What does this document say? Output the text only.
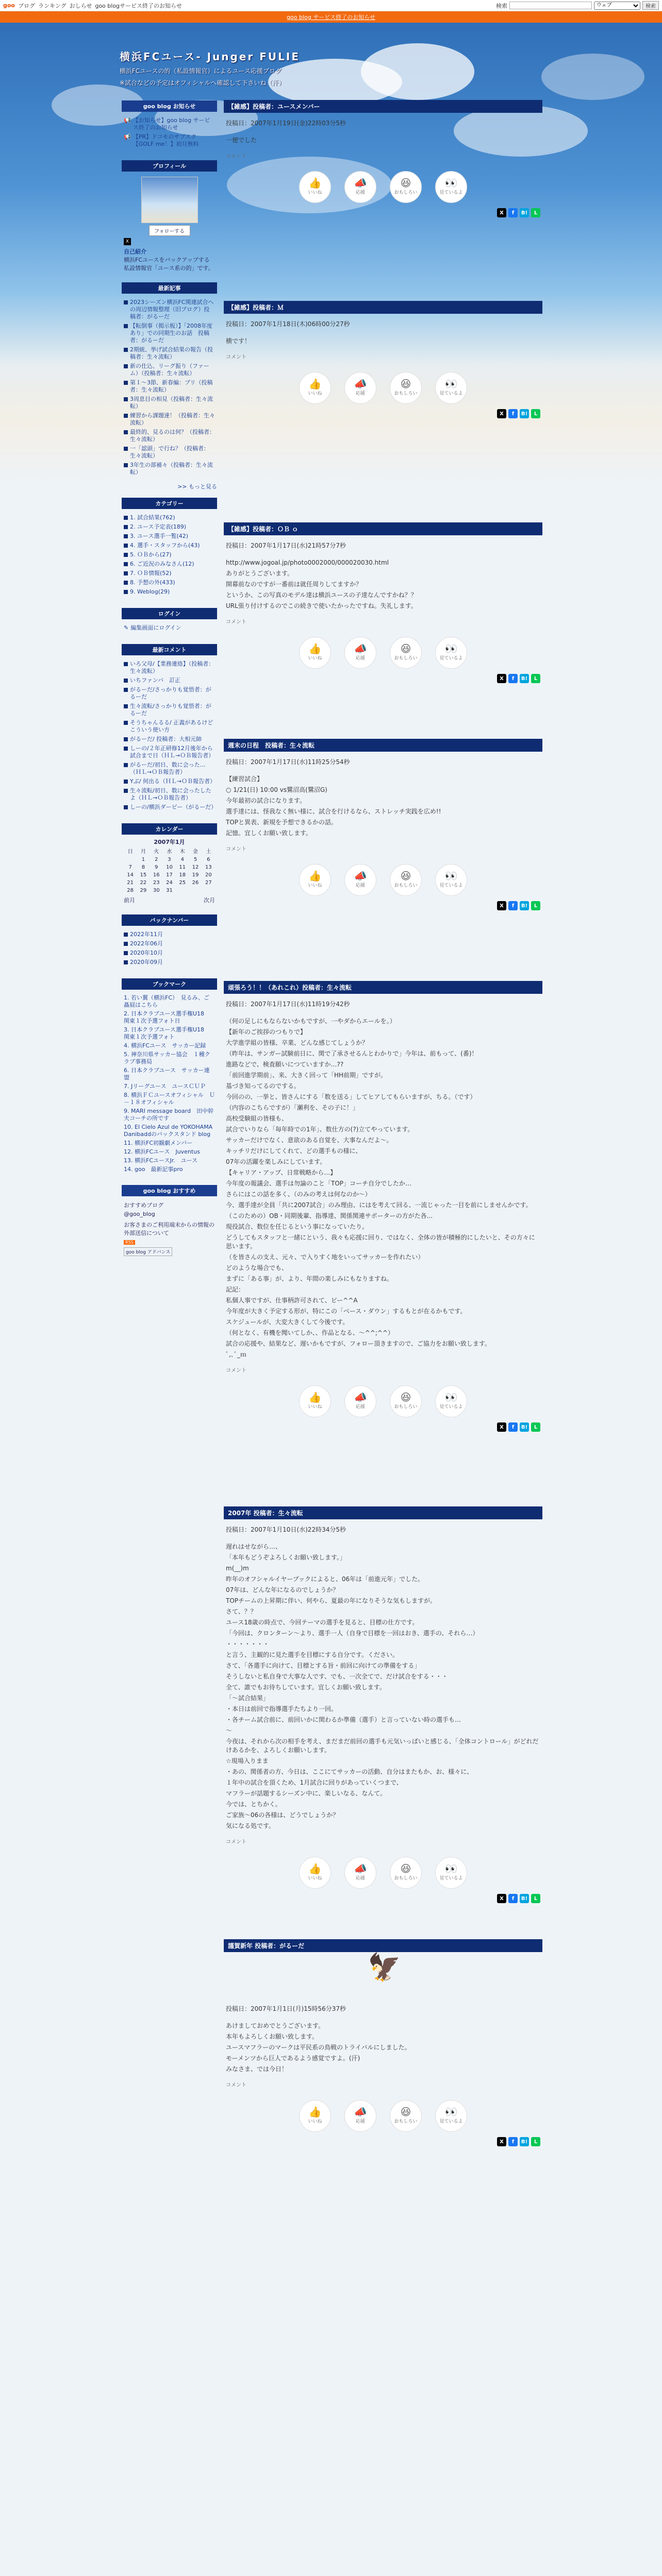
goo ブログ ランキング おしらせ goo blogサービス終了のお知らせ	検索
ウェブ	検索
goo blog サービス終了のお知らせ
横浜FCユース- Junger FULIE

横浜FCユースの的（私設情報官）によるユース応援ブログ

※試合などの予定はオフィシャルへ確認して下さいね（汗）

goo blog お知らせ
📢 【お知らせ】goo blog サービス終了のお知らせ
📢 【PR】ドコモのサブスク【GOLF me！】初月無料
プロフィール
フォローする
X
自己紹介
横浜FCユースをバックアップする私設情報官「ユース系の的」です。
最新記事
2023シーズン横浜FC関連試合への周辺情報整理（旧ブログ）投稿者：がるーだ
【転倒事（掲示板）】「2008年度あり」での同期生のお話　投稿者：がるーだ
2期統、挙げ試合結果の報告（投稿者：生々流転）
新の仕込、リーグ振り（ファーム）（投稿者：生々流転）
第１～3節、新春編：プリ（投稿者：生々流転）
3周息目の相見（投稿者：生々流転）
練習から課題達！（投稿者：生々流転）
最終的、見るのは何？（投稿者：生々流転）
一「認頭」で行ね？（投稿者：生々流転）
3年生の部補々（投稿者：生々流転）
>> もっと見る
カテゴリー
1. 試合結果(762)
2. ユース予定表(189)
3. ユース選手一覧(42)
4. 選手・スタッフから(43)
5. ＯＢから(27)
6. ご近況のみなさん(12)
7. ＯＢ情報(52)
8. 予想の外(433)
9. Weblog(29)
ログイン
✎ 編集画面にログイン
最新コメント
いろ父母/【業務連絡】（投稿者：生々流転）
いちファンバ　訂正
がるーだ/さっかりも覚悟者：がるーだ
生々流転/さっかりも覚悟者：がるーだ
そうちゃんるる/ 正義があるけどこういう使い方
がるーだ/ 投稿者：大相元帥
しーの/２年正研修12月後年から試合まで日（ＨＬ→ＯＢ報告者）
がるーだ/初日、数に会った…（ＨＬ→ＯＢ報告者）
Yぶ/ 何出る（ＨＬ→ＯＢ報告者）
生々流転/初日、数に会ったしたよ（ＨＬ→ＯＢ報告者）
しーの/横浜ダービー（がるーだ）
カレンダー
2007年1月
日	月	火	水	木	金	土
	1	2	3	4	5	6
7	8	9	10	11	12	13
14	15	16	17	18	19	20
21	22	23	24	25	26	27
28	29	30	31			
前月	次月
バックナンバー
2022年11月
2022年06月
2020年10月
2020年09月
ブックマーク
1. 若い翼（横浜FC）　見るみ、ご贔屓はこちら
2. 日本クラブユース選手権U18　関東１次予選フォト日
3. 日本クラブユース選手権U18　関東１次予選フォト
4. 横浜FCユース　サッカー記録
5. 神奈川県サッカー協会　１種クラブ事務局
6. 日本クラブユース　サッカー連盟
7. Jリーグユース　ユースＣＵＰ
8. 横浜ＦＣユースオフィシャル　Ｕ－１８オフィシャル
9. MARI message board　田中幹夫コーチの所です
10. El Cielo Azul de YOKOHAMA　Danibaddのバックスタンド blog
11. 横浜FC初観劇メンバー
12. 横浜FCユース　Juventus
13. 横浜FCユースJr.　ユース
14. goo　最新記事pro
goo blog おすすめ
おすすめブログ
@goo_blog
お客さまのご利用端末からの情報の外部送信について
RSS
goo blog アドバンス
【雑感】投稿者：ユースメンバー
投稿日：2007年1月19日(金)22時03分5秒

一便でした

コメント
👍
いいね
📣
応援
😆
おもしろい
👀
見ているよ
X	f	B!	L
【雑感】投稿者：Ｍ
投稿日：2007年1月18日(木)06時00分27秒

横です！

コメント
👍
いいね
📣
応援
😆
おもしろい
👀
見ているよ
X	f	B!	L
【雑感】投稿者：ＯＢ ｏ
投稿日：2007年1月17日(水)21時57分7秒

http://www.jogoal.jp/photo0002000/000020030.html

ありがとうございます。

開幕前なのですが一番前は就任周りしてますか？

というか、この写真のモデル達は横浜ユースの子達なんですかね？？

URL張り付けするのでこの続きで使いたかったですね。失礼します。

コメント
👍
いいね
📣
応援
😆
おもしろい
👀
見ているよ
X	f	B!	L
週末の日程　投稿者：生々流転
投稿日：2007年1月17日(水)11時25分54秒

【練習試合】

○ 1/21(日) 10:00 vs鷺沼高(鷺沼G)

今年最初の試合になります。

選手達には、怪我なく無い様に、試合を行けるなら、ストレッチ実践を広め!!

TOPと異表、新規を予想できるかの話。

記憶。宜しくお願い致します。

コメント
👍
いいね
📣
応援
😆
おもしろい
👀
見ているよ
X	f	B!	L
頑張ろう！！（あれこれ）投稿者：生々流転
投稿日：2007年1月17日(水)11時19分42秒

（何の足しにもならないかもですが、一やダからエールを。）

【新年のご挨拶のつもりで】

大学進学組の皆様、卒業、どんな感じてしょうか？

（昨年は、サンガー試験前日に、関で了承させるんとわかりで」今年は、前もって、(番)！

進路などで、検査願いにつていますか…??

「前回進学期前」、来、大きく回って「HH前期」ですが。

基づき知ってるのでする。

今回のの、一挙と、皆さんにする「数を送る」してヒアしてもらいますが、ちる。（です）

（内容のこちらですが）「瀬利を、その子に！」

高校受験組の皆様も、

試合でいりなら「毎年時での1年」、数仕方の(?)立てやっています。

サッカーだけでなく、意欲のある自覚を、大事なんだよ～。

キッチリだけにしてくれて、どの選手もの様に、

07年の活躍を楽しみにしています。

【キャリア・アップ、日常戦略から…】

今年度の報議会、選手は勿論のこと「TOP」コーチ自分でしたか…

さらにはこの話を多く、（のみの考えは何なのか〜）

今、選手達が全員「共に2007試合」のみ理由、にはを考えて回る、一流じゃった一目を前にしませんかです。

（このための）OB・同期後輩、指導達、関係関連サポーターの方がた各...

現役試合、数位を任じるという事になっていたり。

どうしてもスタッフと一緒にという、我々も応援に回り、ではなく、全体の皆が積極的にしたいと、その方々に思います。

（を皆さんの支え、元々、で入りすく地をいってサッカーを作れたい）

どのような場合でも、

まずに「ある事」が、より、年間の楽しみにもなりますね。

記記：

私個人事ですが、仕事柄許可されて、ピー^^A

今年度が大きく予定する形が、特にこの「ベース・ダウン」するもとが在るかもです。

スケジュールが、大変大きくして今後です。

（何となく、有機を聞いてしか、、作品となる、～^^;^^）

試合の応援や、結果など、遅いかもですが、フォロー頂きますので、ご協力をお願い致します。

ﾟ,､ﾟ_ｍ

コメント
👍
いいね
📣
応援
😆
おもしろい
👀
見ているよ
X	f	B!	L
2007年 投稿者：生々流転
投稿日：2007年1月10日(水)22時34分5秒

遅れはせながら…、

「本年もどうぞよろしくお願い致します。」

m(__)m

昨年のオフシャルイヤーブックによると、06年は「前進元年」でした。

07年は、どんな年になるのでしょうか？

TOPチームの上昇期に伴い、何やら、夏最の年になりそうな気もしますが。

さて、？？

ユース18歳の時点で、今回テーマの選手を見ると、目標の仕方です。

「今回は、クロンターン〜より、選手一人（自身で目標を一回はおき、選手の、それら…）

・・・・・・・

と言う、主観的に見た選手を目標にする自分です。ください。

さて、「各選手に向けて、目標とする旨・前回に向けての準備をする」

そうしないと私自身で大事な人です、でも、一次全てで、だけ試合をする・・・

全て、誰でもお待ちしています。宜しくお願い致します。

「〜試合結果」

・本日は前回で指導選手たちより一回。

・各チーム試合前に、前回いかに関わるか準備（選手）と言っていない時の選手も…

〜

今夜は、それから次の相手を考え、まだまだ前回の選手も元気いっぱいと感じる、「全体コントロール」がどれだけあるかを、よろしくお願いします。

☆現場入りまま

・あの、関係者の方、今日は、ここにてサッカーの活動、自分はまたもか、お、様々に、

１年中の試合を頂くため、1月試合に回りがあっていくつまで、

マフラーが話題するシーズン中に、楽しいなる、なんて。

今では、とちかく。

ご家族〜06の各様は、どうでしょうか？

気になる処です。

コメント
👍
いいね
📣
応援
😆
おもしろい
👀
見ているよ
X	f	B!	L
謹賀新年 投稿者：がるーだ
🦅
投稿日：2007年1月1日(月)15時56分37秒

あけましておめでとうございます。

本年もよろしくお願い致します。

ユースマフラーのマークは平民系の鳥戦のトライバルにしました。

モーメンツから巨人であるよう感覚ですよ。(汗)

みなさま、では今日！

コメント
👍
いいね
📣
応援
😆
おもしろい
👀
見ているよ
X	f	B!	L
